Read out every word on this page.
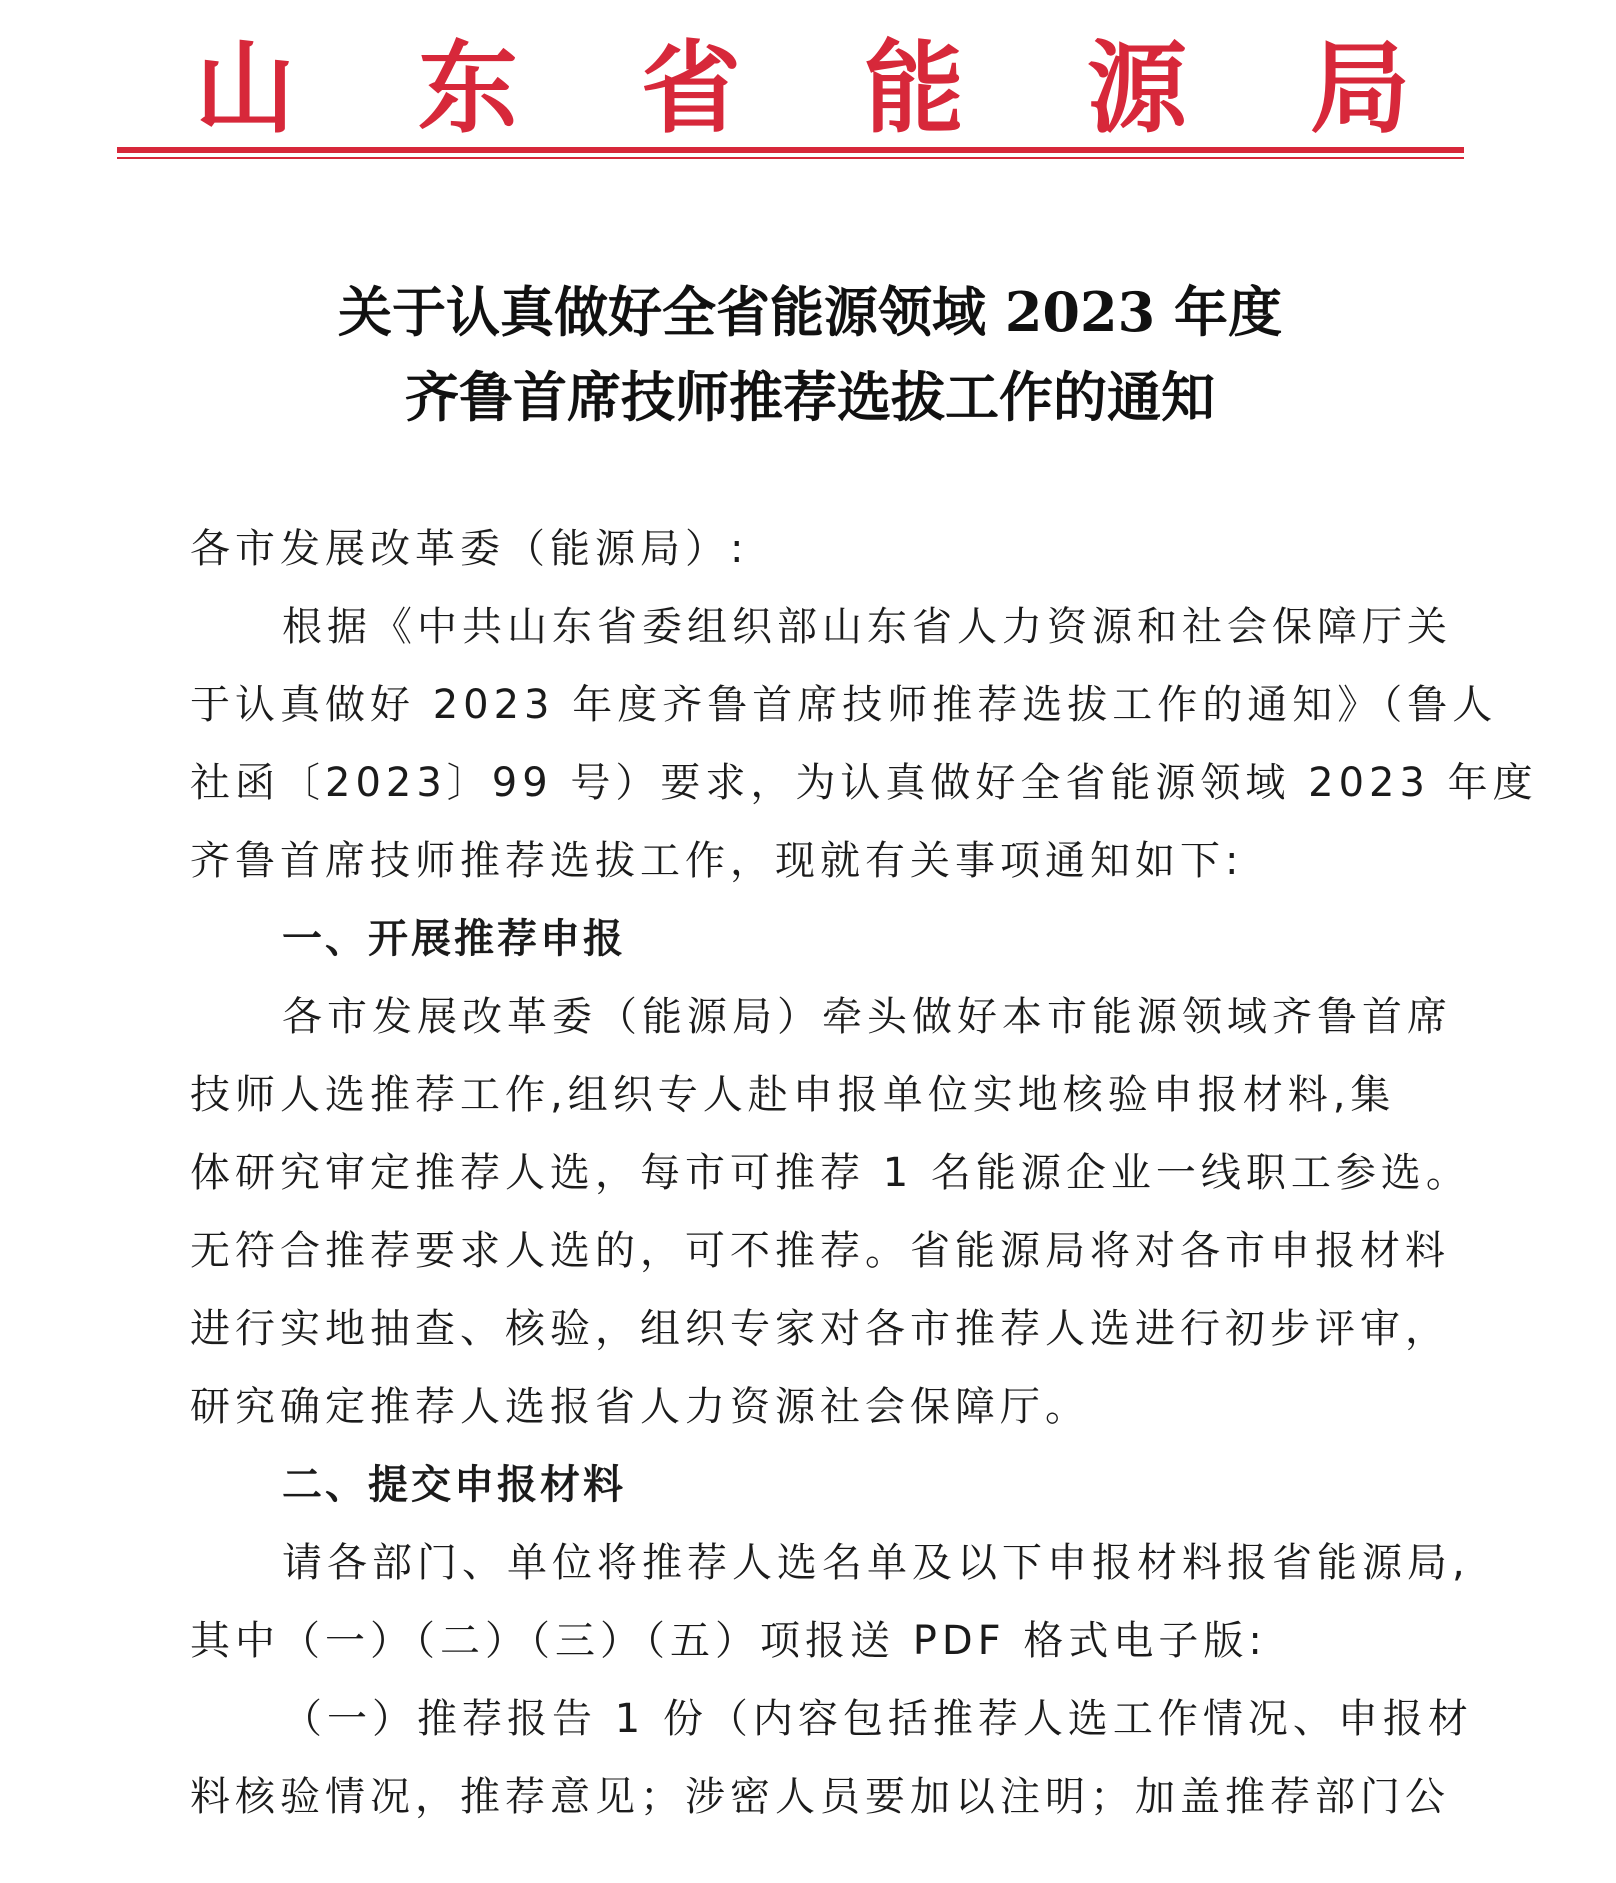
山 东 省 能 源 局
关于认真做好全省能源领域 2023 年度
齐鲁首席技师推荐选拔工作的通知
各市发展改革委（能源局）:
根据《中共山东省委组织部山东省人力资源和社会保障厅关
于认真做好 2023 年度齐鲁首席技师推荐选拔工作的通知》（鲁人
社函〔2023〕99 号）要求，为认真做好全省能源领域 2023 年度
齐鲁首席技师推荐选拔工作，现就有关事项通知如下:
一、开展推荐申报
各市发展改革委（能源局）牵头做好本市能源领域齐鲁首席
技师人选推荐工作,组织专人赴申报单位实地核验申报材料,集
体研究审定推荐人选，每市可推荐 1 名能源企业一线职工参选。
无符合推荐要求人选的，可不推荐。省能源局将对各市申报材料
进行实地抽查、核验，组织专家对各市推荐人选进行初步评审，
研究确定推荐人选报省人力资源社会保障厅。
二、提交申报材料
请各部门、单位将推荐人选名单及以下申报材料报省能源局,
其中（一）（二）（三）（五）项报送 PDF 格式电子版:
（一）推荐报告 1 份（内容包括推荐人选工作情况、申报材
料核验情况，推荐意见；涉密人员要加以注明；加盖推荐部门公
